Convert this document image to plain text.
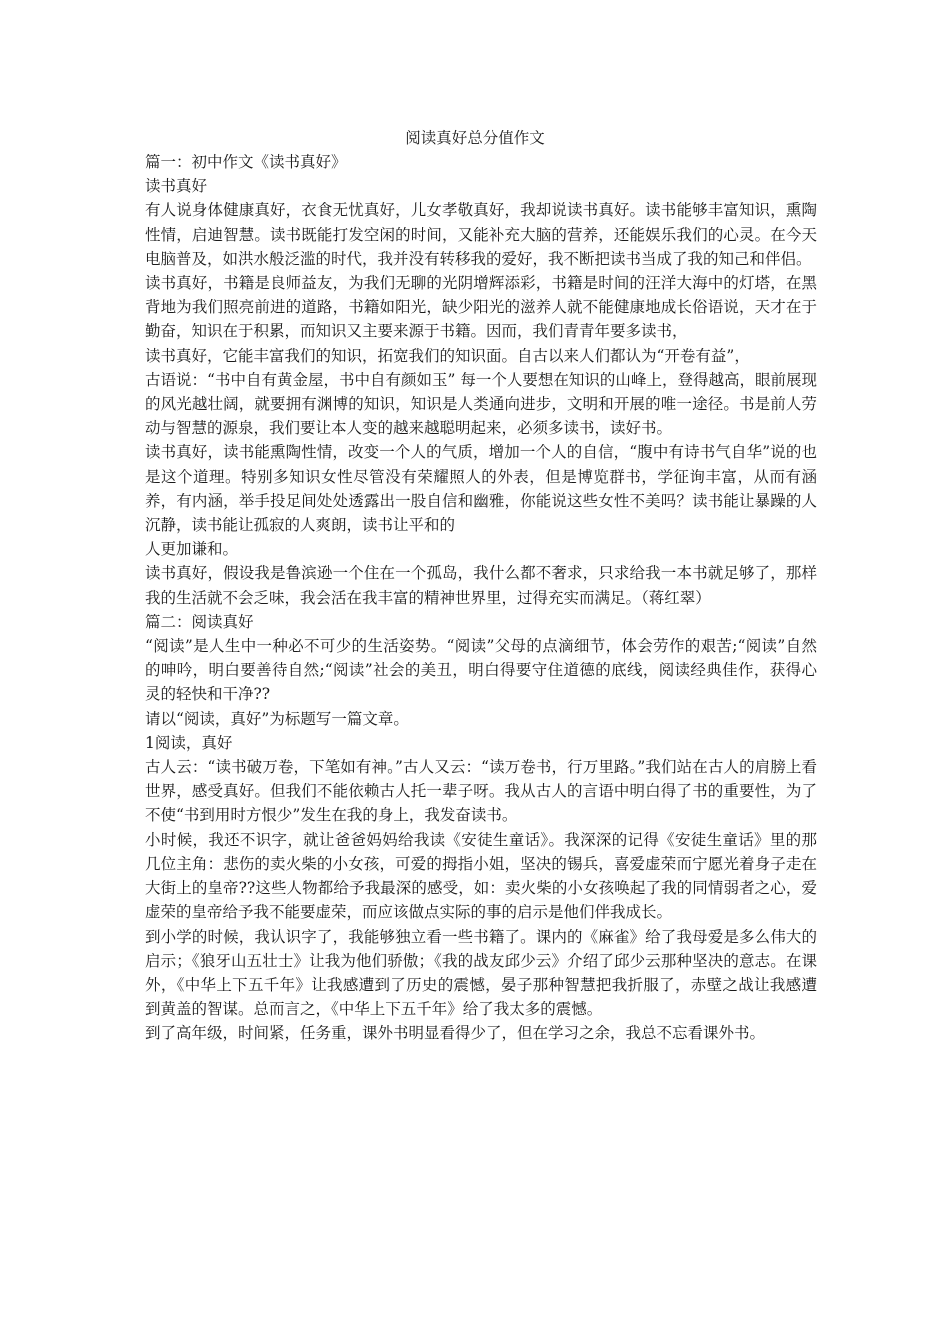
阅读真好总分值作文

篇一：初中作文《读书真好》

读书真好

有人说身体健康真好，衣食无忧真好，儿女孝敬真好，我却说读书真好。读书能够丰富知识，熏陶性情，启迪智慧。读书既能打发空闲的时间，又能补充大脑的营养，还能娱乐我们的心灵。在今天电脑普及，如洪水般泛滥的时代，我并没有转移我的爱好，我不断把读书当成了我的知己和伴侣。

读书真好，书籍是良师益友，为我们无聊的光阴增辉添彩，书籍是时间的汪洋大海中的灯塔，在黑背地为我们照亮前进的道路，书籍如阳光，缺少阳光的滋养人就不能健康地成长俗语说，天才在于勤奋，知识在于积累，而知识又主要来源于书籍。因而，我们青青年要多读书，

读书真好，它能丰富我们的知识，拓宽我们的知识面。自古以来人们都认为“开卷有益”，

古语说：“书中自有黄金屋，书中自有颜如玉” 每一个人要想在知识的山峰上，登得越高，眼前展现的风光越壮阔，就要拥有渊博的知识，知识是人类通向进步，文明和开展的唯一途径。书是前人劳动与智慧的源泉，我们要让本人变的越来越聪明起来，必须多读书，读好书。

读书真好，读书能熏陶性情，改变一个人的气质，增加一个人的自信，“腹中有诗书气自华”说的也是这个道理。特别多知识女性尽管没有荣耀照人的外表，但是博览群书，学征询丰富，从而有涵养，有内涵，举手投足间处处透露出一股自信和幽雅，你能说这些女性不美吗？读书能让暴躁的人沉静，读书能让孤寂的人爽朗，读书让平和的

人更加谦和。

读书真好，假设我是鲁滨逊一个住在一个孤岛，我什么都不奢求，只求给我一本书就足够了，那样我的生活就不会乏味，我会活在我丰富的精神世界里，过得充实而满足。（蒋红翠）

篇二：阅读真好

“阅读”是人生中一种必不可少的生活姿势。“阅读”父母的点滴细节，体会劳作的艰苦;“阅读”自然的呻吟，明白要善待自然;“阅读”社会的美丑，明白得要守住道德的底线，阅读经典佳作，获得心灵的轻快和干净??

请以“阅读，真好”为标题写一篇文章。

1阅读，真好

古人云：“读书破万卷，下笔如有神。”古人又云：“读万卷书，行万里路。”我们站在古人的肩膀上看世界，感受真好。但我们不能依赖古人托一辈子呀。我从古人的言语中明白得了书的重要性，为了不使“书到用时方恨少”发生在我的身上，我发奋读书。

小时候，我还不识字，就让爸爸妈妈给我读《安徒生童话》。我深深的记得《安徒生童话》里的那几位主角：悲伤的卖火柴的小女孩，可爱的拇指小姐，坚决的锡兵，喜爱虚荣而宁愿光着身子走在大街上的皇帝??这些人物都给予我最深的感受，如：卖火柴的小女孩唤起了我的同情弱者之心，爱虚荣的皇帝给予我不能要虚荣，而应该做点实际的事的启示是他们伴我成长。

到小学的时候，我认识字了，我能够独立看一些书籍了。课内的《麻雀》给了我母爱是多么伟大的启示；《狼牙山五壮士》让我为他们骄傲；《我的战友邱少云》介绍了邱少云那种坚决的意志。在课外，《中华上下五千年》让我感遭到了历史的震憾，晏子那种智慧把我折服了，赤壁之战让我感遭到黄盖的智谋。总而言之，《中华上下五千年》给了我太多的震憾。

到了高年级，时间紧，任务重，课外书明显看得少了，但在学习之余，我总不忘看课外书。
